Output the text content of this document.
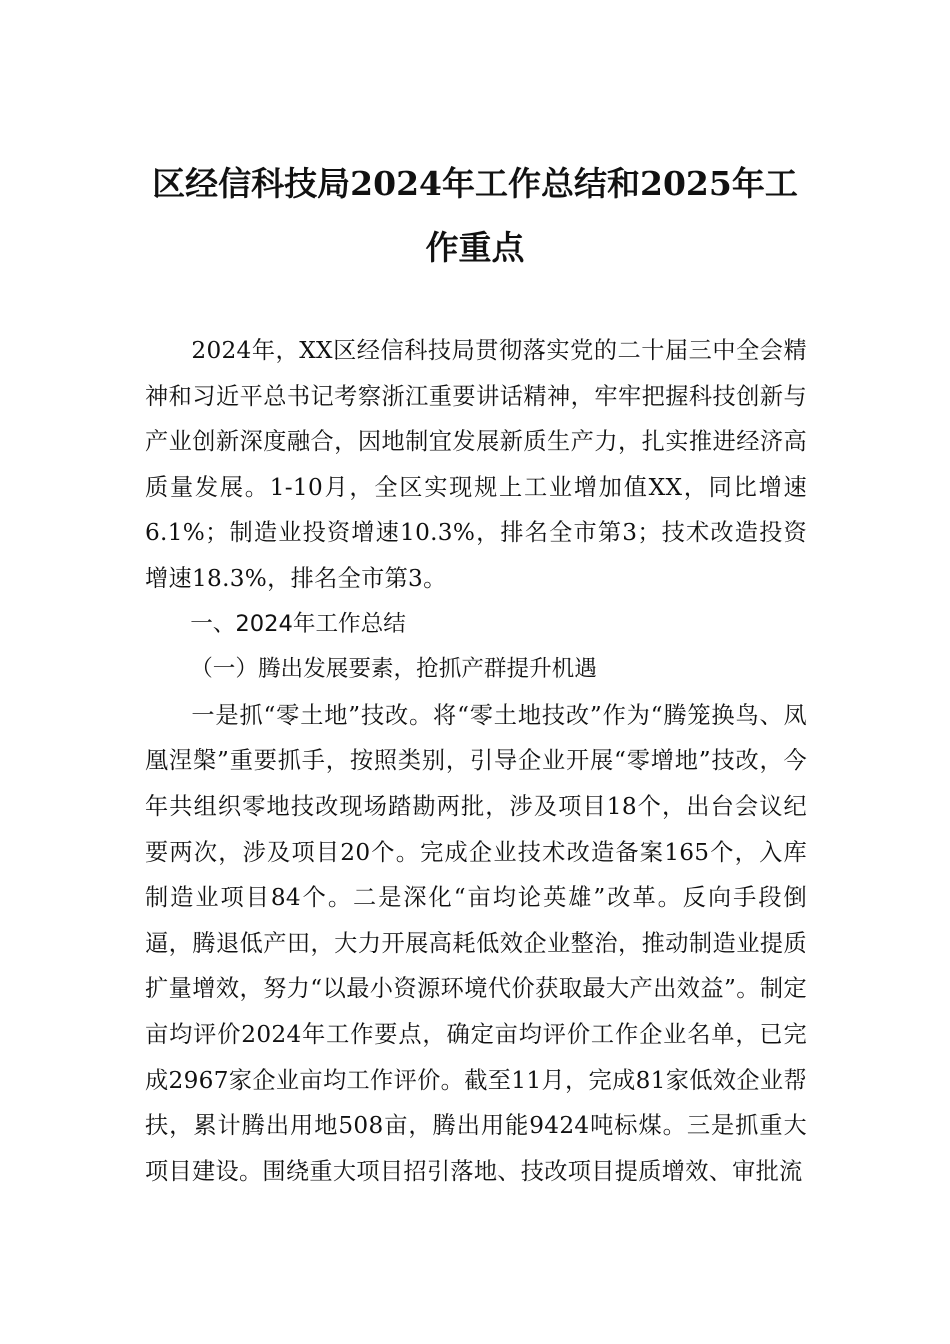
区经信科技局2024年工作总结和2025年工
作重点

2024年，XX区经信科技局贯彻落实党的二十届三中全会精神和习近平总书记考察浙江重要讲话精神，牢牢把握科技创新与产业创新深度融合，因地制宜发展新质生产力，扎实推进经济高质量发展。1-10月，全区实现规上工业增加值XX，同比增速6.1%；制造业投资增速10.3%，排名全市第3；技术改造投资增速18.3%，排名全市第3。

一、2024年工作总结

（一）腾出发展要素，抢抓产群提升机遇

一是抓“零土地”技改。将“零土地技改”作为“腾笼换鸟、凤凰涅槃”重要抓手，按照类别，引导企业开展“零增地”技改，今年共组织零地技改现场踏勘两批，涉及项目18个，出台会议纪要两次，涉及项目20个。完成企业技术改造备案165个，入库制造业项目84个。二是深化“亩均论英雄”改革。反向手段倒逼，腾退低产田，大力开展高耗低效企业整治，推动制造业提质扩量增效，努力“以最小资源环境代价获取最大产出效益”。制定亩均评价2024年工作要点，确定亩均评价工作企业名单，已完成2967家企业亩均工作评价。截至11月，完成81家低效企业帮扶，累计腾出用地508亩，腾出用能9424吨标煤。三是抓重大项目建设。围绕重大项目招引落地、技改项目提质增效、审批流
